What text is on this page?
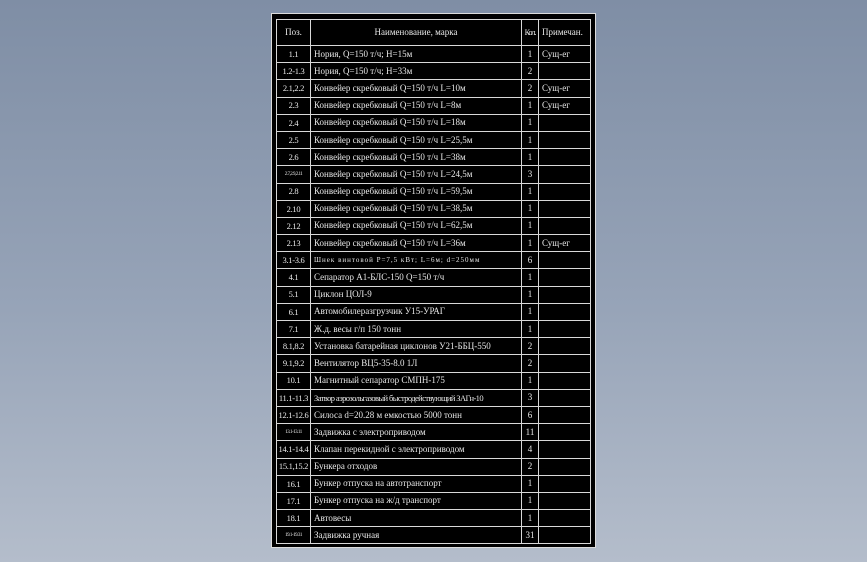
Поз.	Наименование, марка	Кол.	Примечан.
1.1	Нория, Q=150 т/ч; H=15м	1	Сущ-ег
1.2-1.3	Нория, Q=150 т/ч; H=33м	2	
2.1,2.2	Конвейер скребковый Q=150 т/ч L=10м	2	Сущ-ег
2.3	Конвейер скребковый Q=150 т/ч L=8м	1	Сущ-ег
2.4	Конвейер скребковый Q=150 т/ч L=18м	1	
2.5	Конвейер скребковый Q=150 т/ч L=25,5м	1	
2.6	Конвейер скребковый Q=150 т/ч L=38м	1	
2.7,2.9,2.11	Конвейер скребковый Q=150 т/ч L=24,5м	3	
2.8	Конвейер скребковый Q=150 т/ч L=59,5м	1	
2.10	Конвейер скребковый Q=150 т/ч L=38,5м	1	
2.12	Конвейер скребковый Q=150 т/ч L=62,5м	1	
2.13	Конвейер скребковый Q=150 т/ч L=36м	1	Сущ-ег
3.1-3.6	Шнек винтовой P=7,5 кВт; L=6м; d=250мм	6	
4.1	Сепаратор А1-БЛС-150 Q=150 т/ч	1	
5.1	Циклон ЦОЛ-9	1	
6.1	Автомобилеразгрузчик У15-УРАГ	1	
7.1	Ж.д. весы г/п 150 тонн	1	
8.1,8.2	Установка батарейная циклонов У21-ББЦ-550	2	
9.1,9.2	Вентилятор ВЦ5-35-8.0 1Л	2	
10.1	Магнитный сепаратор СМПН-175	1	
11.1-11.3	Затвор аэрозольгазовый быстродействующий ЗАГн-10	3	
12.1-12.6	Силоса d=20.28 м емкостью 5000 тонн	6	
13.1-13.11	Задвижка с электроприводом	11	
14.1-14.4	Клапан перекидной с электроприводом	4	
15.1,15.2	Бункера отходов	2	
16.1	Бункер отпуска на автотранспорт	1	
17.1	Бункер отпуска на ж/д транспорт	1	
18.1	Автовесы	1	
19.1-19.31	Задвижка ручная	31	
